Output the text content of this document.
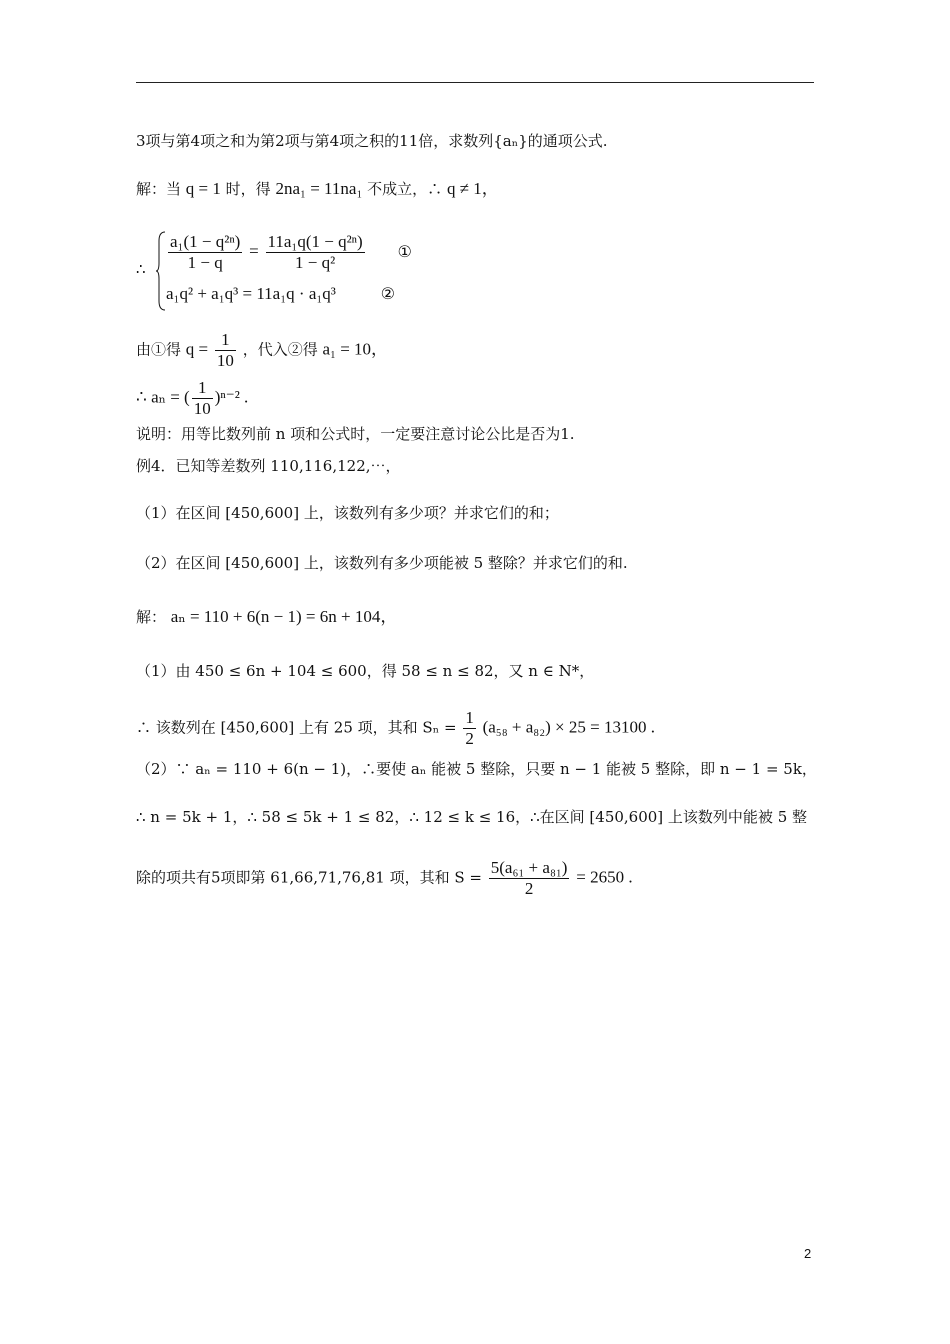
3项与第4项之和为第2项与第4项之积的11倍，求数列{aₙ}的通项公式.
解：当 q = 1 时，得 2na₁ = 11na₁ 不成立，∴ q ≠ 1，
∴ $\frac{\text{a₁(1 − q²ⁿ)}}{1 - q} = \frac{\text{11a₁q(1 − q²ⁿ)}}{\text{1 − q²}}$ ①
a₁q² + a₁q³ = 11a₁q · a₁q³	②
由①得 $q = \frac{1}{10}$ ，代入②得 a₁ = 10，
∴ aₙ = ( $\frac{1}{10} )^{n-2}$ .
说明：用等比数列前 n 项和公式时，一定要注意讨论公比是否为1.
例4．已知等差数列 110,116,122,⋯，
（1）在区间 [450,600] 上，该数列有多少项？并求它们的和；
（2）在区间 [450,600] 上，该数列有多少项能被 5 整除？并求它们的和.
解： aₙ = 110 + 6(n − 1) = 6n + 104，
（1）由 450 ≤ 6n + 104 ≤ 600，得 58 ≤ n ≤ 82，又 n ∈ N*，
∴ 该数列在 [450,600] 上有 25 项，其和 $S_n = \frac{1}{2} (a_{58} + a_{82}) \times 25 = 13100$ .
（2）∵ aₙ = 110 + 6(n − 1)，∴要使 aₙ 能被 5 整除，只要 n − 1 能被 5 整除，即 n − 1 = 5k，
∴ n = 5k + 1，∴ 58 ≤ 5k + 1 ≤ 82，∴ 12 ≤ k ≤ 16，∴在区间 [450,600] 上该数列中能被 5 整
除的项共有5项即第 61,66,71,76,81 项，其和 $S = \frac{\text{5(a₆₁ + a₈₁)}}{2} = 2650$ .
2
